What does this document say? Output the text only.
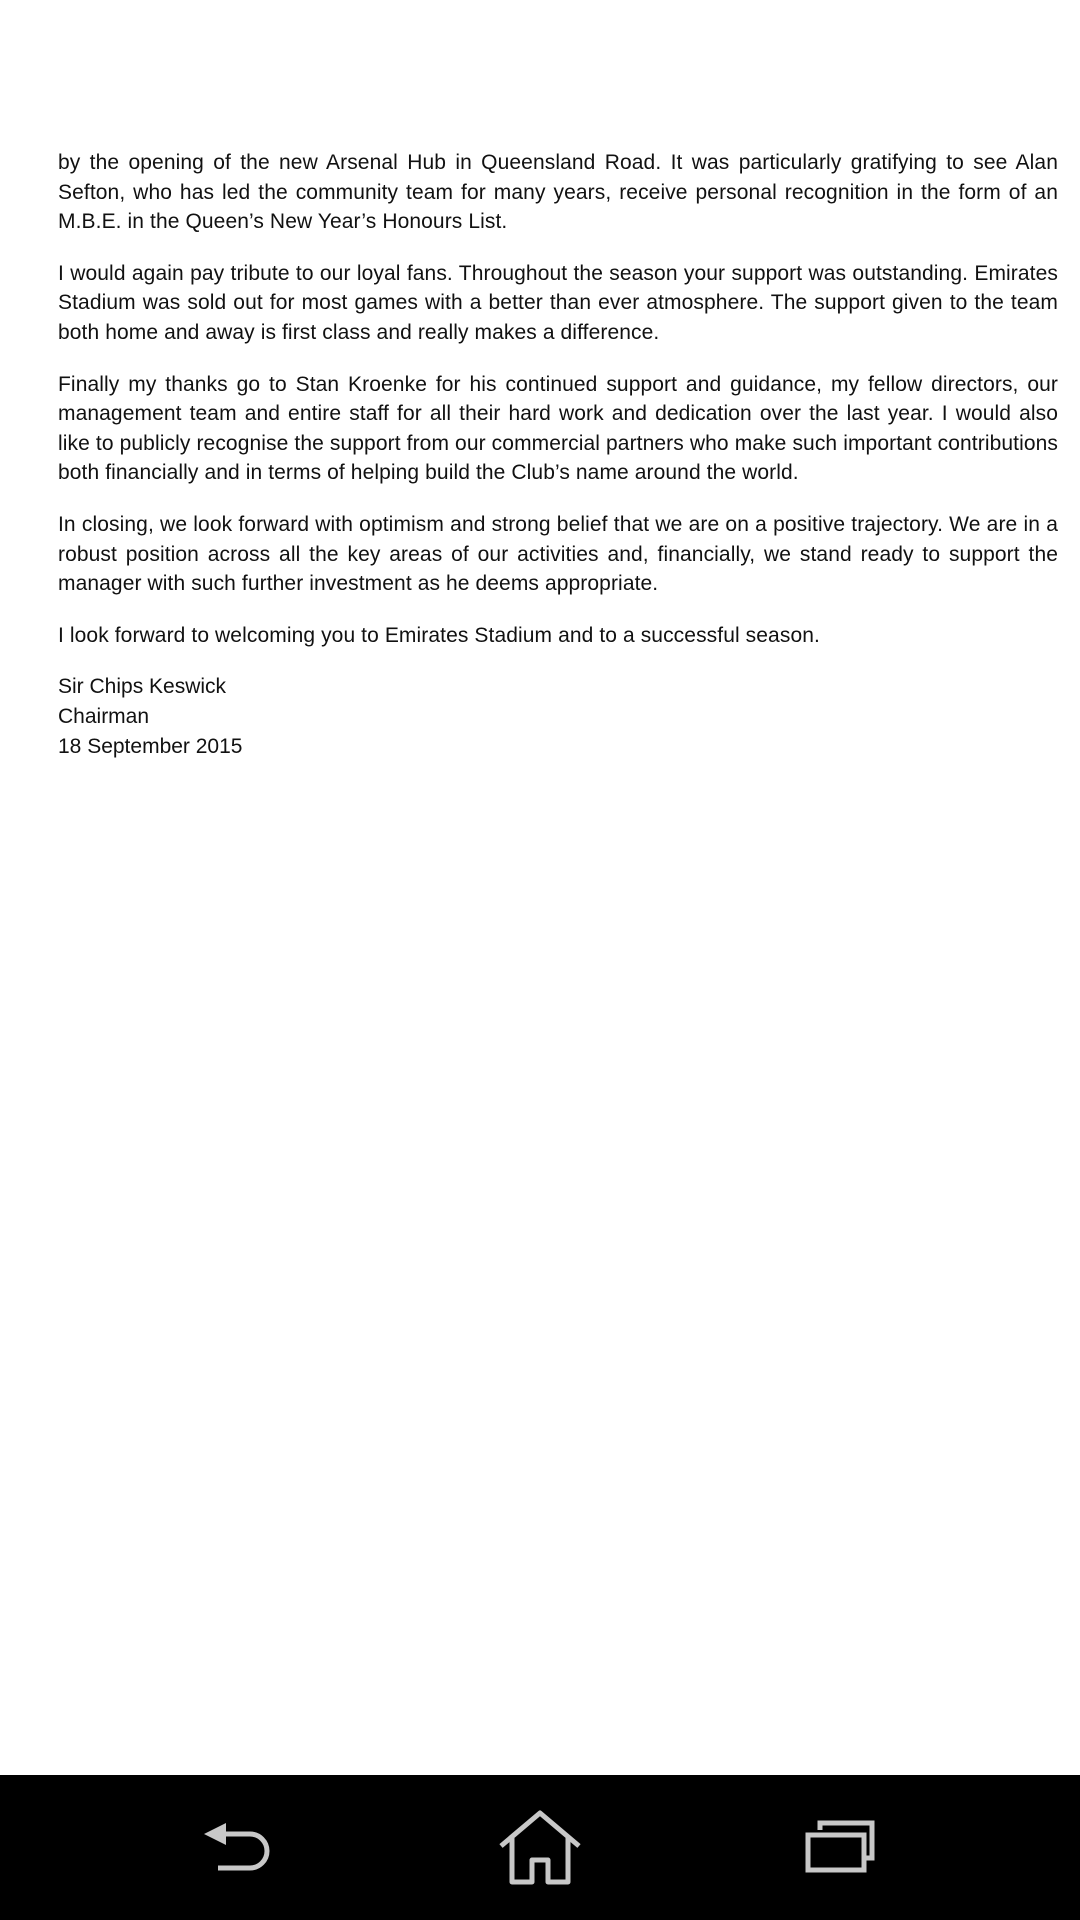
by the opening of the new Arsenal Hub in Queensland Road. It was particularly gratifying to see Alan Sefton, who has led the community team for many years, receive personal recognition in the form of an M.B.E. in the Queen’s New Year’s Honours List.

I would again pay tribute to our loyal fans. Throughout the season your support was outstanding. Emirates Stadium was sold out for most games with a better than ever atmosphere. The support given to the team both home and away is first class and really makes a difference.

Finally my thanks go to Stan Kroenke for his continued support and guidance, my fellow directors, our management team and entire staff for all their hard work and dedication over the last year. I would also like to publicly recognise the support from our commercial partners who make such important contributions both financially and in terms of helping build the Club’s name around the world.

In closing, we look forward with optimism and strong belief that we are on a positive trajectory. We are in a robust position across all the key areas of our activities and, financially, we stand ready to support the manager with such further investment as he deems appropriate.

I look forward to welcoming you to Emirates Stadium and to a successful season.

Sir Chips Keswick
Chairman
18 September 2015
